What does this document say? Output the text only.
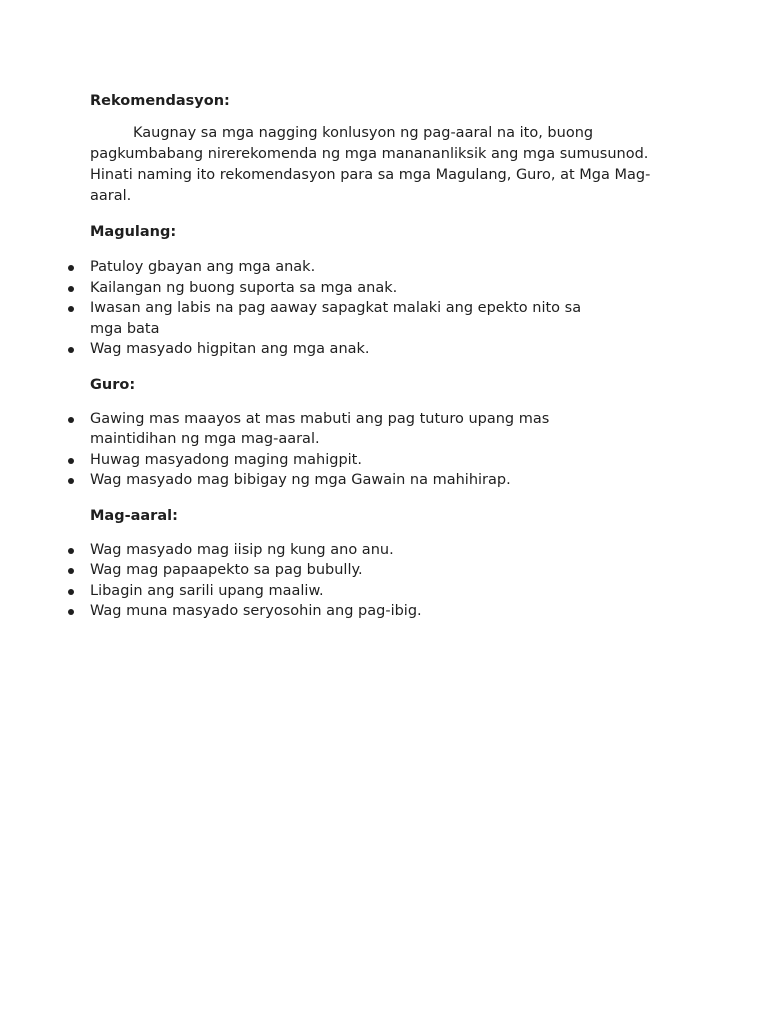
Rekomendasyon:

Kaugnay sa mga nagging konlusyon ng pag-aaral na ito, buong pagkumbabang nirerekomenda ng mga manananliksik ang mga sumusunod. Hinati naming ito rekomendasyon para sa mga Magulang, Guro, at Mga Mag-aaral.

Magulang:

Patuloy gbayan ang mga anak.
Kailangan ng buong suporta sa mga anak.
Iwasan ang labis na pag aaway sapagkat malaki ang epekto nito sa mga bata
Wag masyado higpitan ang mga anak.

Guro:

Gawing mas maayos at mas mabuti ang pag tuturo upang mas maintidihan ng mga mag-aaral.
Huwag masyadong maging mahigpit.
Wag masyado mag bibigay ng mga Gawain na mahihirap.

Mag-aaral:

Wag masyado mag iisip ng kung ano anu.
Wag mag papaapekto sa pag bubully.
Libagin ang sarili upang maaliw.
Wag muna masyado seryosohin ang pag-ibig.
